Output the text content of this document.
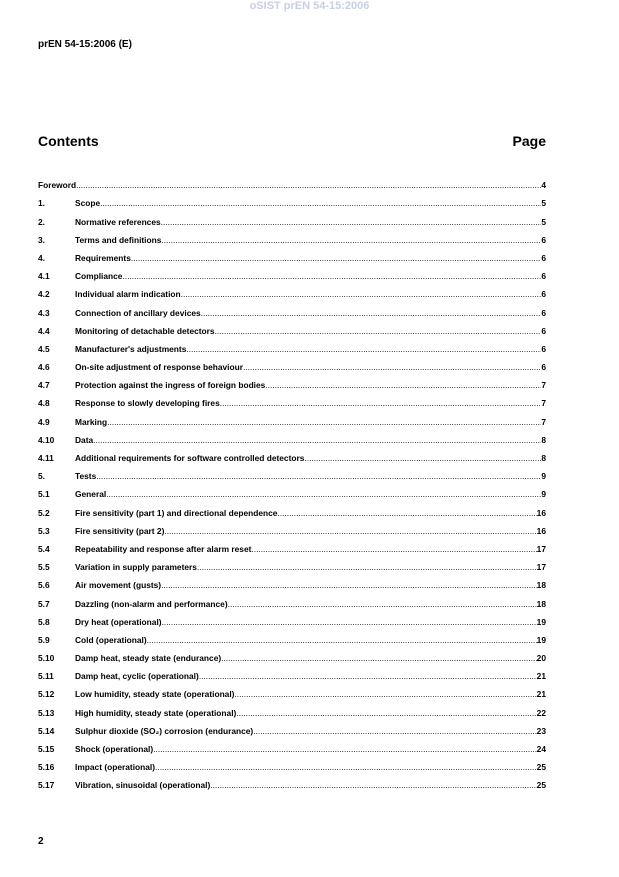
oSIST prEN 54-15:2006
prEN 54-15:2006 (E)
Contents	Page
Foreword .....	4
1.	Scope .....	5
2.	Normative references .....	5
3.	Terms and definitions .....	6
4.	Requirements .....	6
4.1	Compliance .....	6
4.2	Individual alarm indication .....	6
4.3	Connection of ancillary devices .....	6
4.4	Monitoring of detachable detectors .....	6
4.5	Manufacturer's adjustments .....	6
4.6	On-site adjustment of response behaviour .....	6
4.7	Protection against the ingress of foreign bodies .....	7
4.8	Response to slowly developing fires .....	7
4.9	Marking .....	7
4.10	Data .....	8
4.11	Additional requirements for software controlled detectors .....	8
5.	Tests .....	9
5.1	General .....	9
5.2	Fire sensitivity (part 1) and directional dependence .....	16
5.3	Fire sensitivity (part 2) .....	16
5.4	Repeatability and response after alarm reset .....	17
5.5	Variation in supply parameters .....	17
5.6	Air movement (gusts) .....	18
5.7	Dazzling (non-alarm and performance) .....	18
5.8	Dry heat (operational) .....	19
5.9	Cold (operational) .....	19
5.10	Damp heat, steady state (endurance) .....	20
5.11	Damp heat, cyclic (operational) .....	21
5.12	Low humidity, steady state (operational) .....	21
5.13	High humidity, steady state (operational) .....	22
5.14	Sulphur dioxide (SO₂) corrosion (endurance) .....	23
5.15	Shock (operational) .....	24
5.16	Impact (operational) .....	25
5.17	Vibration, sinusoidal (operational) .....	25
2
